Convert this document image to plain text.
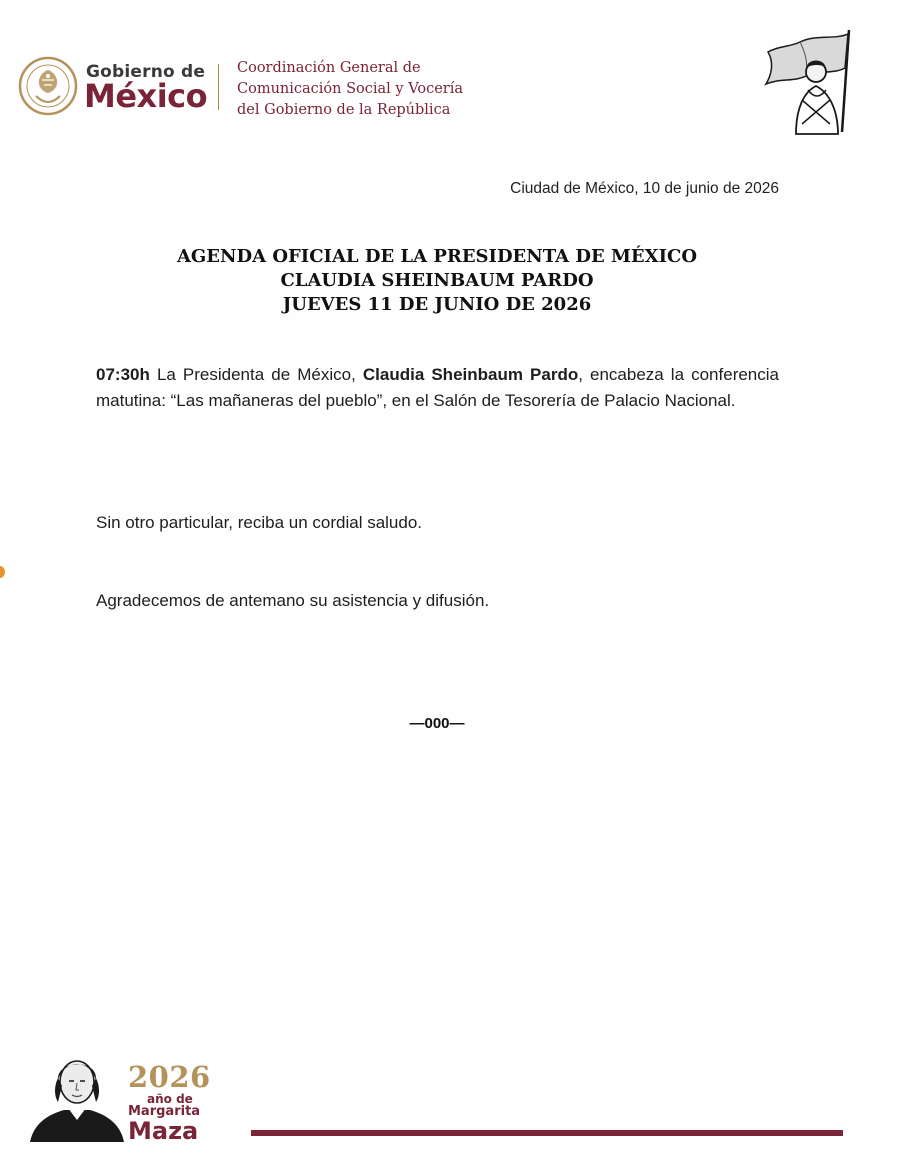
Gobierno de
México
Coordinación General de
Comunicación Social y Vocería
del Gobierno de la República
Ciudad de México, 10 de junio de 2026
AGENDA OFICIAL DE LA PRESIDENTA DE MÉXICO
CLAUDIA SHEINBAUM PARDO
JUEVES 11 DE JUNIO DE 2026
07:30h La Presidenta de México, Claudia Sheinbaum Pardo, encabeza la conferencia matutina: “Las mañaneras del pueblo”, en el Salón de Tesorería de Palacio Nacional.
Sin otro particular, reciba un cordial saludo.
Agradecemos de antemano su asistencia y difusión.
—000—
2026
año de
Margarita
Maza
